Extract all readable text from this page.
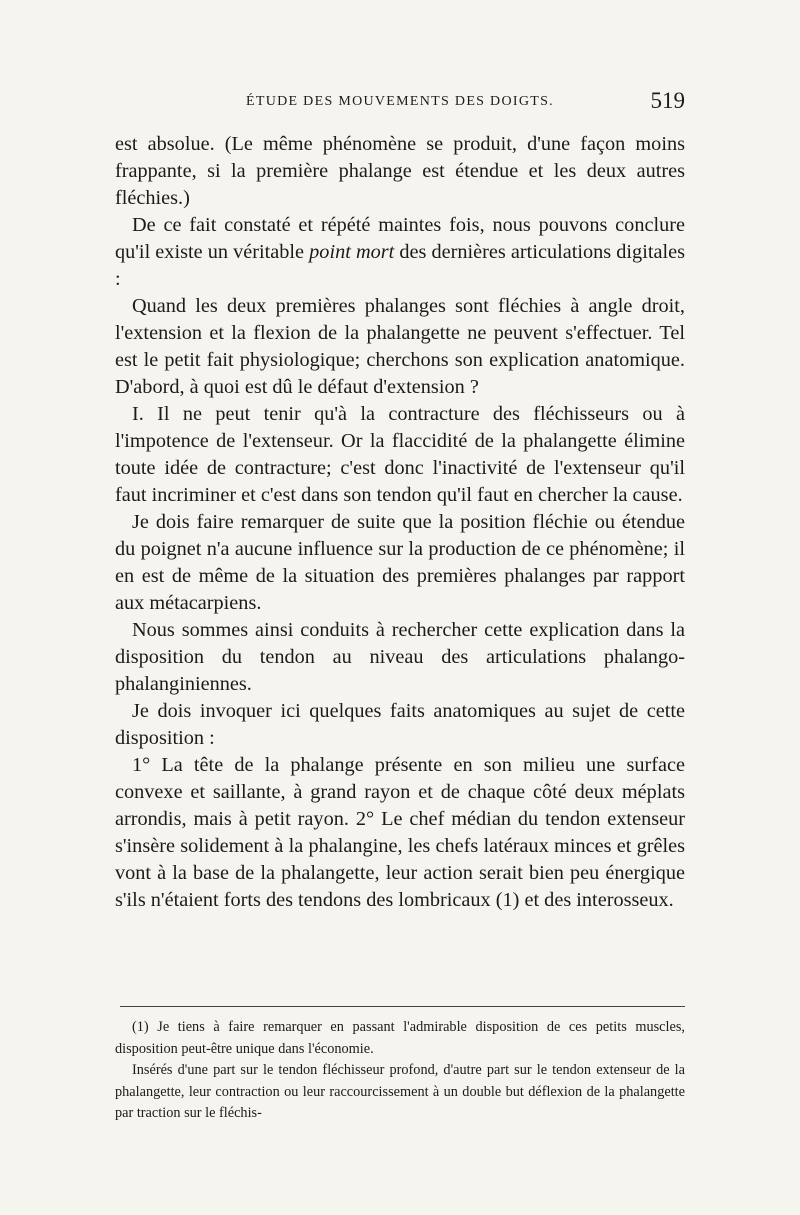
ÉTUDE DES MOUVEMENTS DES DOIGTS.	519

est absolue. (Le même phénomène se produit, d'une façon moins frappante, si la première phalange est étendue et les deux autres fléchies.)

De ce fait constaté et répété maintes fois, nous pouvons conclure qu'il existe un véritable point mort des dernières articulations digitales :

Quand les deux premières phalanges sont fléchies à angle droit, l'extension et la flexion de la phalangette ne peuvent s'effectuer. Tel est le petit fait physiologique; cherchons son explication anatomique. D'abord, à quoi est dû le défaut d'extension ?

I. Il ne peut tenir qu'à la contracture des fléchisseurs ou à l'impotence de l'extenseur. Or la flaccidité de la phalangette élimine toute idée de contracture; c'est donc l'inactivité de l'extenseur qu'il faut incriminer et c'est dans son tendon qu'il faut en chercher la cause.

Je dois faire remarquer de suite que la position fléchie ou étendue du poignet n'a aucune influence sur la production de ce phénomène; il en est de même de la situation des premières phalanges par rapport aux métacarpiens.

Nous sommes ainsi conduits à rechercher cette explication dans la disposition du tendon au niveau des articulations phalango-phalanginiennes.

Je dois invoquer ici quelques faits anatomiques au sujet de cette disposition :

1° La tête de la phalange présente en son milieu une surface convexe et saillante, à grand rayon et de chaque côté deux méplats arrondis, mais à petit rayon. 2° Le chef médian du tendon extenseur s'insère solidement à la phalangine, les chefs latéraux minces et grêles vont à la base de la phalangette, leur action serait bien peu énergique s'ils n'étaient forts des tendons des lombricaux (1) et des interosseux.

(1) Je tiens à faire remarquer en passant l'admirable disposition de ces petits muscles, disposition peut-être unique dans l'économie.

Insérés d'une part sur le tendon fléchisseur profond, d'autre part sur le tendon extenseur de la phalangette, leur contraction ou leur raccourcissement à un double but déflexion de la phalangette par traction sur le fléchis-
